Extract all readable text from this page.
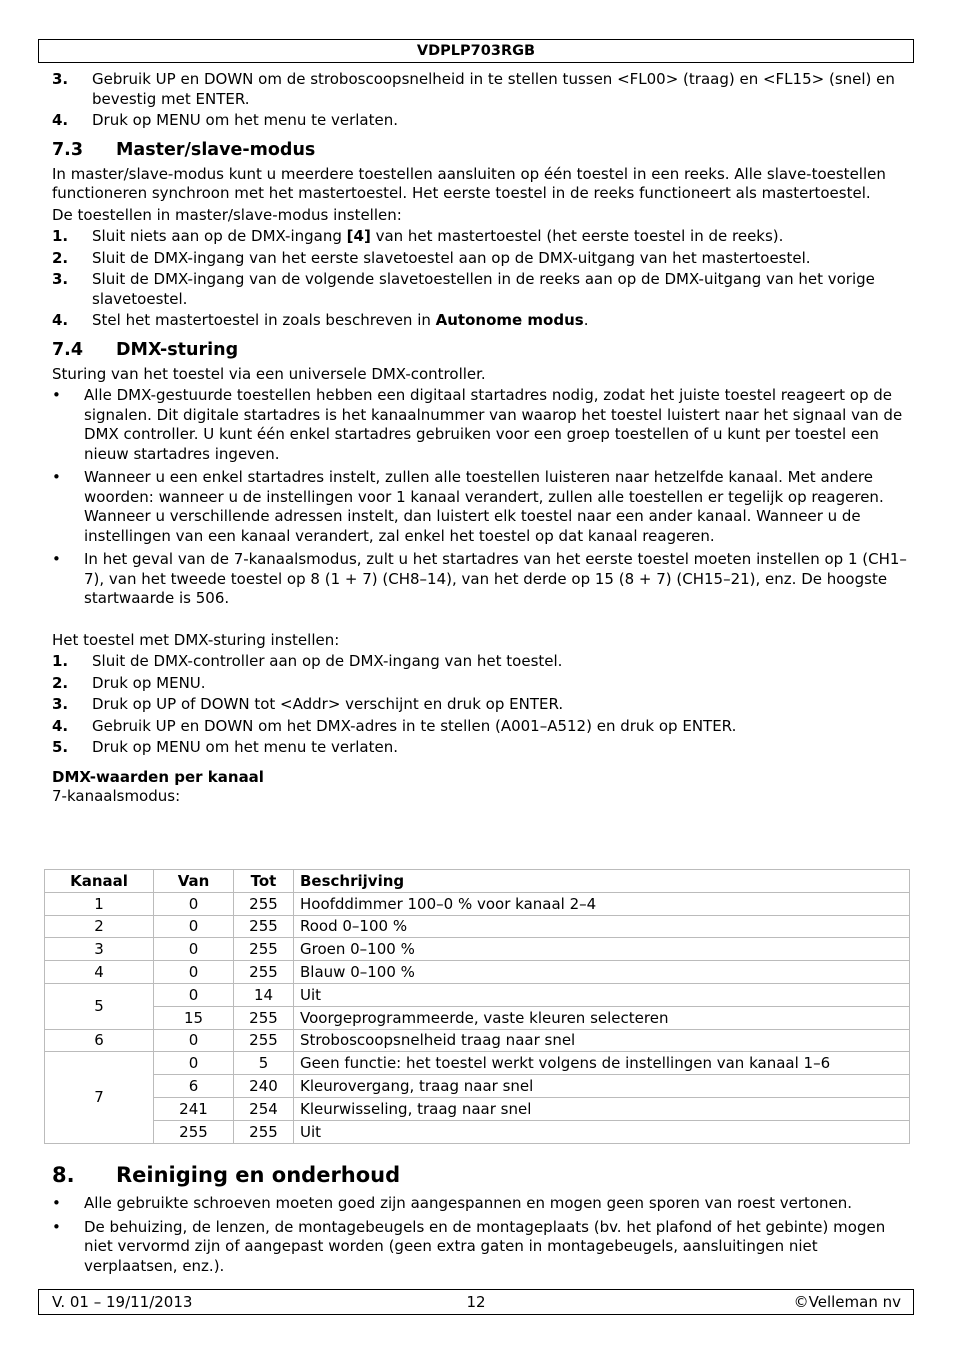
VDPLP703RGB
3. Gebruik UP en DOWN om de stroboscoopsnelheid in te stellen tussen <FL00> (traag) en <FL15> (snel) en bevestig met ENTER.
4. Druk op MENU om het menu te verlaten.
7.3 Master/slave-modus

In master/slave-modus kunt u meerdere toestellen aansluiten op één toestel in een reeks. Alle slave-toestellen functioneren synchroon met het mastertoestel. Het eerste toestel in de reeks functioneert als mastertoestel.

De toestellen in master/slave-modus instellen:

1. Sluit niets aan op de DMX-ingang [4] van het mastertoestel (het eerste toestel in de reeks).
2. Sluit de DMX-ingang van het eerste slavetoestel aan op de DMX-uitgang van het mastertoestel.
3. Sluit de DMX-ingang van de volgende slavetoestellen in de reeks aan op de DMX-uitgang van het vorige slavetoestel.
4. Stel het mastertoestel in zoals beschreven in Autonome modus.
7.4 DMX-sturing

Sturing van het toestel via een universele DMX-controller.

• Alle DMX-gestuurde toestellen hebben een digitaal startadres nodig, zodat het juiste toestel reageert op de signalen. Dit digitale startadres is het kanaalnummer van waarop het toestel luistert naar het signaal van de DMX controller. U kunt één enkel startadres gebruiken voor een groep toestellen of u kunt per toestel een nieuw startadres ingeven.
• Wanneer u een enkel startadres instelt, zullen alle toestellen luisteren naar hetzelfde kanaal. Met andere woorden: wanneer u de instellingen voor 1 kanaal verandert, zullen alle toestellen er tegelijk op reageren. Wanneer u verschillende adressen instelt, dan luistert elk toestel naar een ander kanaal. Wanneer u de instellingen van een kanaal verandert, zal enkel het toestel op dat kanaal reageren.
• In het geval van de 7-kanaalsmodus, zult u het startadres van het eerste toestel moeten instellen op 1 (CH1–7), van het tweede toestel op 8 (1 + 7) (CH8–14), van het derde op 15 (8 + 7) (CH15–21), enz. De hoogste startwaarde is 506.

Het toestel met DMX-sturing instellen:

1. Sluit de DMX-controller aan op de DMX-ingang van het toestel.
2. Druk op MENU.
3. Druk op UP of DOWN tot <Addr> verschijnt en druk op ENTER.
4. Gebruik UP en DOWN om het DMX-adres in te stellen (A001–A512) en druk op ENTER.
5. Druk op MENU om het menu te verlaten.

DMX-waarden per kanaal

7-kanaalsmodus:

Kanaal	Van	Tot	Beschrijving
1	0	255	Hoofddimmer 100–0 % voor kanaal 2–4
2	0	255	Rood 0–100 %
3	0	255	Groen 0–100 %
4	0	255	Blauw 0–100 %
5	0	14	Uit
	15	255	Voorgeprogrammeerde, vaste kleuren selecteren
6	0	255	Stroboscoopsnelheid traag naar snel
7	0	5	Geen functie: het toestel werkt volgens de instellingen van kanaal 1–6
	6	240	Kleurovergang, traag naar snel
	241	254	Kleurwisseling, traag naar snel
	255	255	Uit
8. Reiniging en onderhoud
• Alle gebruikte schroeven moeten goed zijn aangespannen en mogen geen sporen van roest vertonen.
• De behuizing, de lenzen, de montagebeugels en de montageplaats (bv. het plafond of het gebinte) mogen niet vervormd zijn of aangepast worden (geen extra gaten in montagebeugels, aansluitingen niet verplaatsen, enz.).
V. 01 – 19/11/2013	12	©Velleman nv
